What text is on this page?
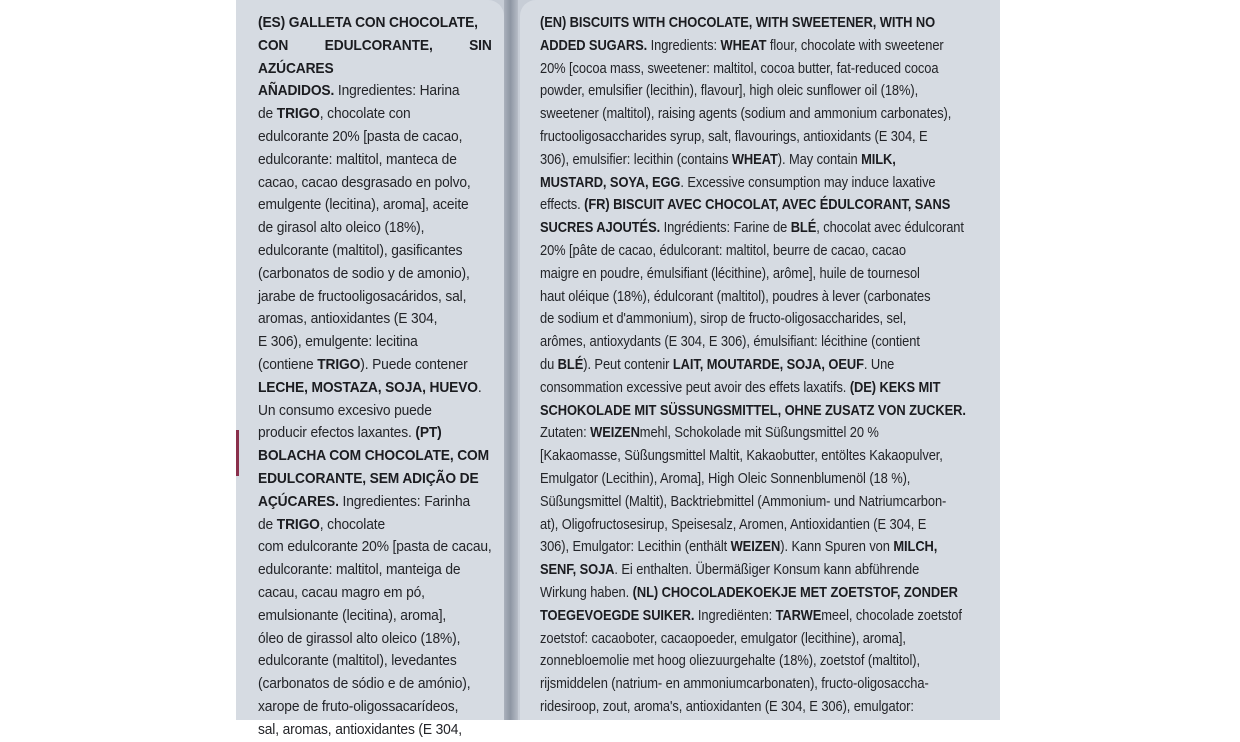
(ES) GALLETA CON CHOCOLATE,

CON EDULCORANTE, SIN AZÚCARES

AÑADIDOS. Ingredientes: Harina

de TRIGO, chocolate con

edulcorante 20% [pasta de cacao,

edulcorante: maltitol, manteca de

cacao, cacao desgrasado en polvo,

emulgente (lecitina), aroma], aceite

de girasol alto oleico (18%),

edulcorante (maltitol), gasificantes

(carbonatos de sodio y de amonio),

jarabe de fructooligosacáridos, sal,

aromas, antioxidantes (E 304,

E 306), emulgente: lecitina

(contiene TRIGO). Puede contener

LECHE, MOSTAZA, SOJA, HUEVO.

Un consumo excesivo puede

producir efectos laxantes. (PT)

BOLACHA COM CHOCOLATE, COM

EDULCORANTE, SEM ADIÇÃO DE

AÇÚCARES. Ingredientes: Farinha

de TRIGO, chocolate

com edulcorante 20% [pasta de cacau,

edulcorante: maltitol, manteiga de

cacau, cacau magro em pó,

emulsionante (lecitina), aroma],

óleo de girassol alto oleico (18%),

edulcorante (maltitol), levedantes

(carbonatos de sódio e de amónio),

xarope de fruto-oligossacarídeos,

sal, aromas, antioxidantes (E 304,

(EN) BISCUITS WITH CHOCOLATE, WITH SWEETENER, WITH NO

ADDED SUGARS. Ingredients: WHEAT flour, chocolate with sweetener

20% [cocoa mass, sweetener: maltitol, cocoa butter, fat-reduced cocoa

powder, emulsifier (lecithin), flavour], high oleic sunflower oil (18%),

sweetener (maltitol), raising agents (sodium and ammonium carbonates),

fructooligosaccharides syrup, salt, flavourings, antioxidants (E 304, E

306), emulsifier: lecithin (contains WHEAT). May contain MILK,

MUSTARD, SOYA, EGG. Excessive consumption may induce laxative

effects. (FR) BISCUIT AVEC CHOCOLAT, AVEC ÉDULCORANT, SANS

SUCRES AJOUTÉS. Ingrédients: Farine de BLÉ, chocolat avec édulcorant

20% [pâte de cacao, édulcorant: maltitol, beurre de cacao, cacao

maigre en poudre, émulsifiant (lécithine), arôme], huile de tournesol

haut oléique (18%), édulcorant (maltitol), poudres à lever (carbonates

de sodium et d'ammonium), sirop de fructo-oligosaccharides, sel,

arômes, antioxydants (E 304, E 306), émulsifiant: lécithine (contient

du BLÉ). Peut contenir LAIT, MOUTARDE, SOJA, OEUF. Une

consommation excessive peut avoir des effets laxatifs. (DE) KEKS MIT

SCHOKOLADE MIT SÜSSUNGSMITTEL, OHNE ZUSATZ VON ZUCKER.

Zutaten: WEIZENmehl, Schokolade mit Süßungsmittel 20 %

[Kakaomasse, Süßungsmittel Maltit, Kakaobutter, entöltes Kakaopulver,

Emulgator (Lecithin), Aroma], High Oleic Sonnenblumenöl (18 %),

Süßungsmittel (Maltit), Backtriebmittel (Ammonium- und Natriumcarbon-

at), Oligofructosesirup, Speisesalz, Aromen, Antioxidantien (E 304, E

306), Emulgator: Lecithin (enthält WEIZEN). Kann Spuren von MILCH,

SENF, SOJA. Ei enthalten. Übermäßiger Konsum kann abführende

Wirkung haben. (NL) CHOCOLADEKOEKJE MET ZOETSTOF, ZONDER

TOEGEVOEGDE SUIKER. Ingrediënten: TARWEmeel, chocolade zoetstof

zoetstof: cacaoboter, cacaopoeder, emulgator (lecithine), aroma],

zonnebloemolie met hoog oliezuurgehalte (18%), zoetstof (maltitol),

rijsmiddelen (natrium- en ammoniumcarbonaten), fructo-oligosaccha-

ridesiroop, zout, aroma's, antioxidanten (E 304, E 306), emulgator:
